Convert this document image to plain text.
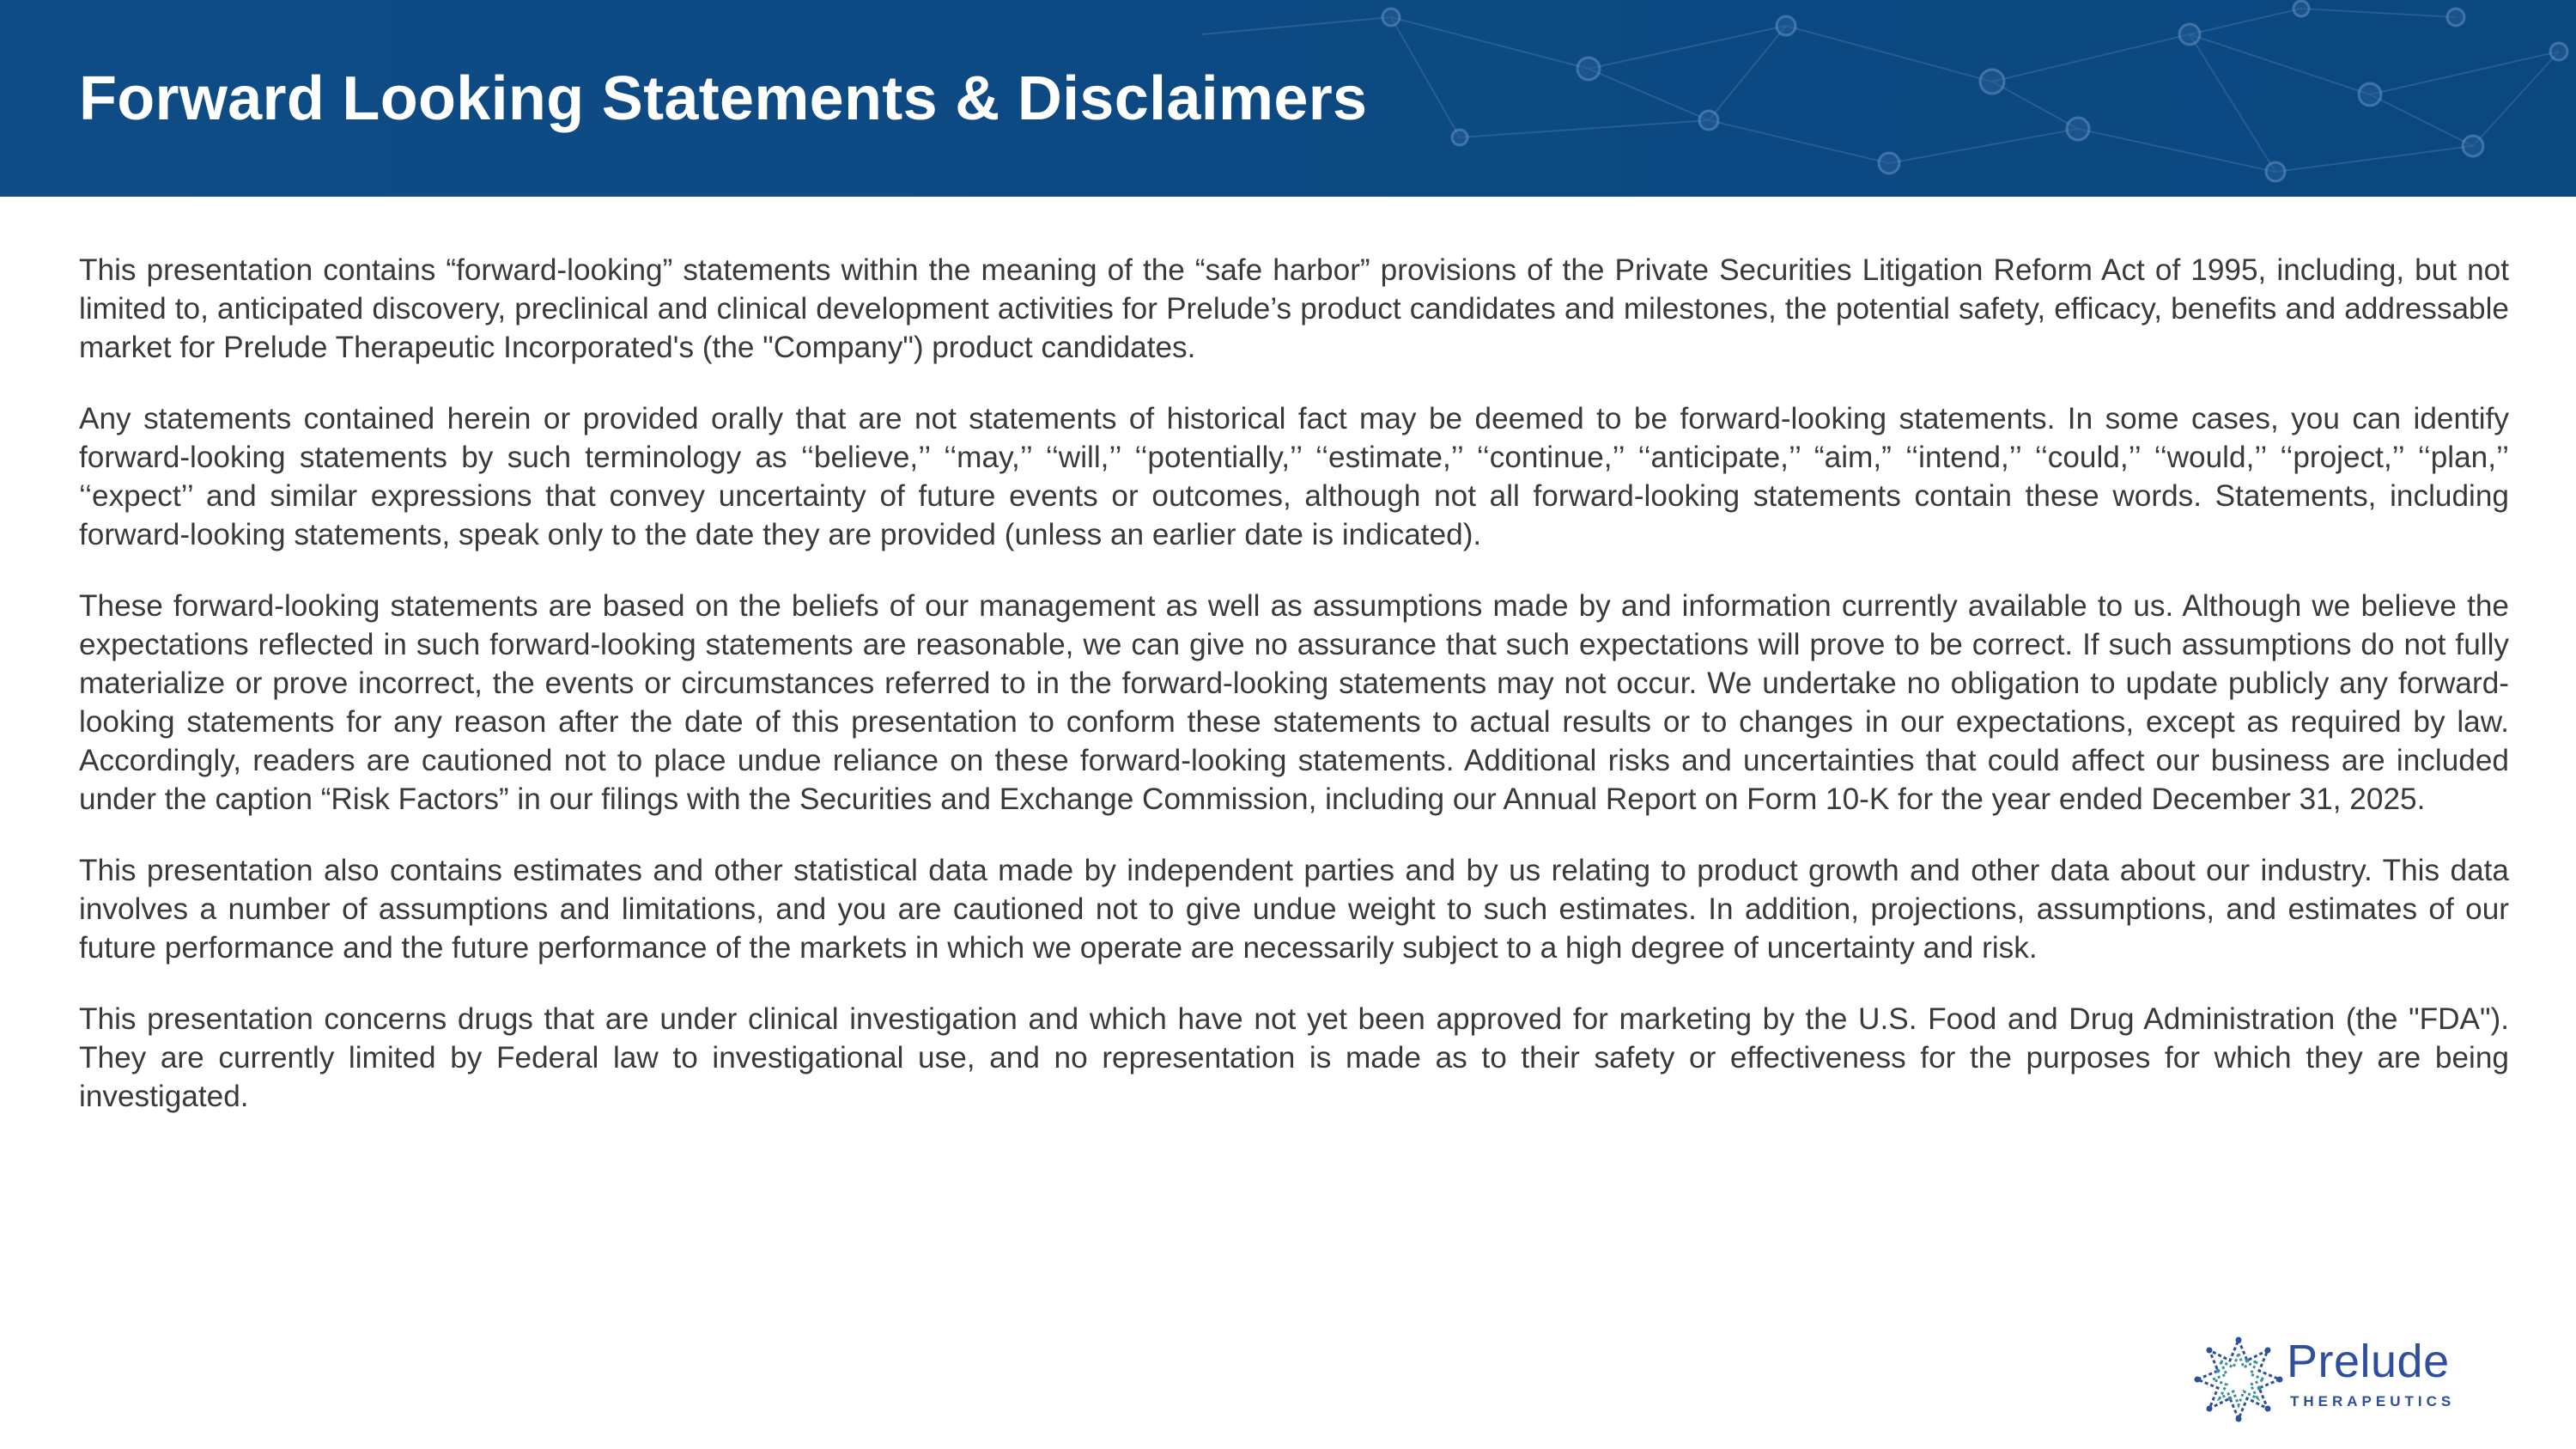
Forward Looking Statements & Disclaimers

This presentation contains “forward-looking” statements within the meaning of the “safe harbor” provisions of the Private Securities Litigation Reform Act of 1995, including, but not limited to, anticipated discovery, preclinical and clinical development activities for Prelude’s product candidates and milestones, the potential safety, efficacy, benefits and addressable market for Prelude Therapeutic Incorporated's (the "Company") product candidates.

Any statements contained herein or provided orally that are not statements of historical fact may be deemed to be forward-looking statements. In some cases, you can identify forward-looking statements by such terminology as ‘‘believe,’’ ‘‘may,’’ ‘‘will,’’ ‘‘potentially,’’ ‘‘estimate,’’ ‘‘continue,’’ ‘‘anticipate,’’ “aim,” ‘‘intend,’’ ‘‘could,’’ ‘‘would,’’ ‘‘project,’’ ‘‘plan,’’ ‘‘expect’’ and similar expressions that convey uncertainty of future events or outcomes, although not all forward-looking statements contain these words. Statements, including forward-looking statements, speak only to the date they are provided (unless an earlier date is indicated).

These forward-looking statements are based on the beliefs of our management as well as assumptions made by and information currently available to us. Although we believe the expectations reflected in such forward-looking statements are reasonable, we can give no assurance that such expectations will prove to be correct. If such assumptions do not fully materialize or prove incorrect, the events or circumstances referred to in the forward-looking statements may not occur. We undertake no obligation to update publicly any forward-looking statements for any reason after the date of this presentation to conform these statements to actual results or to changes in our expectations, except as required by law. Accordingly, readers are cautioned not to place undue reliance on these forward-looking statements. Additional risks and uncertainties that could affect our business are included under the caption “Risk Factors” in our filings with the Securities and Exchange Commission, including our Annual Report on Form 10-K for the year ended December 31, 2025.

This presentation also contains estimates and other statistical data made by independent parties and by us relating to product growth and other data about our industry. This data involves a number of assumptions and limitations, and you are cautioned not to give undue weight to such estimates. In addition, projections, assumptions, and estimates of our future performance and the future performance of the markets in which we operate are necessarily subject to a high degree of uncertainty and risk.

This presentation concerns drugs that are under clinical investigation and which have not yet been approved for marketing by the U.S. Food and Drug Administration (the "FDA"). They are currently limited by Federal law to investigational use, and no representation is made as to their safety or effectiveness for the purposes for which they are being investigated.

Prelude

THERAPEUTICS
